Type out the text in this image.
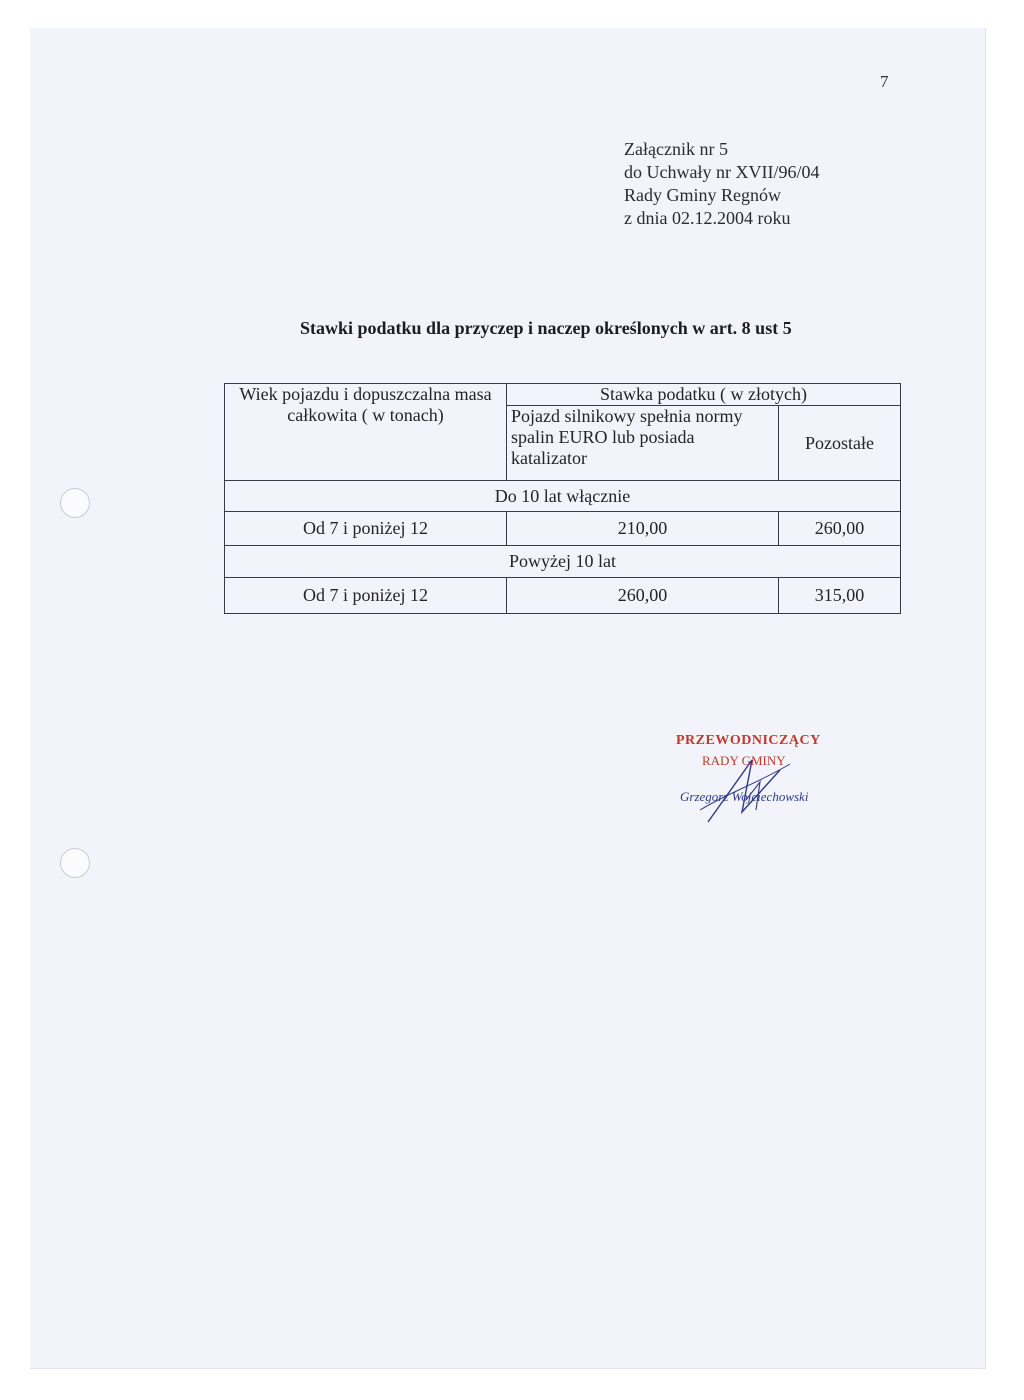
7
Załącznik nr 5
do Uchwały nr XVII/96/04
Rady Gminy Regnów
z dnia 02.12.2004 roku
Stawki podatku dla przyczep i naczep określonych w art. 8 ust 5
Wiek pojazdu i dopuszczalna masa całkowita ( w tonach)	Stawka podatku ( w złotych)	
	Pojazd silnikowy spełnia normy spalin EURO lub posiada katalizator	Pozostałe
Do 10 lat włącznie		
Od 7 i poniżej 12	210,00	260,00
Powyżej 10 lat		
Od 7 i poniżej 12	260,00	315,00
PRZEWODNICZĄCY
RADY GMINY
Grzegorz Wojciechowski
